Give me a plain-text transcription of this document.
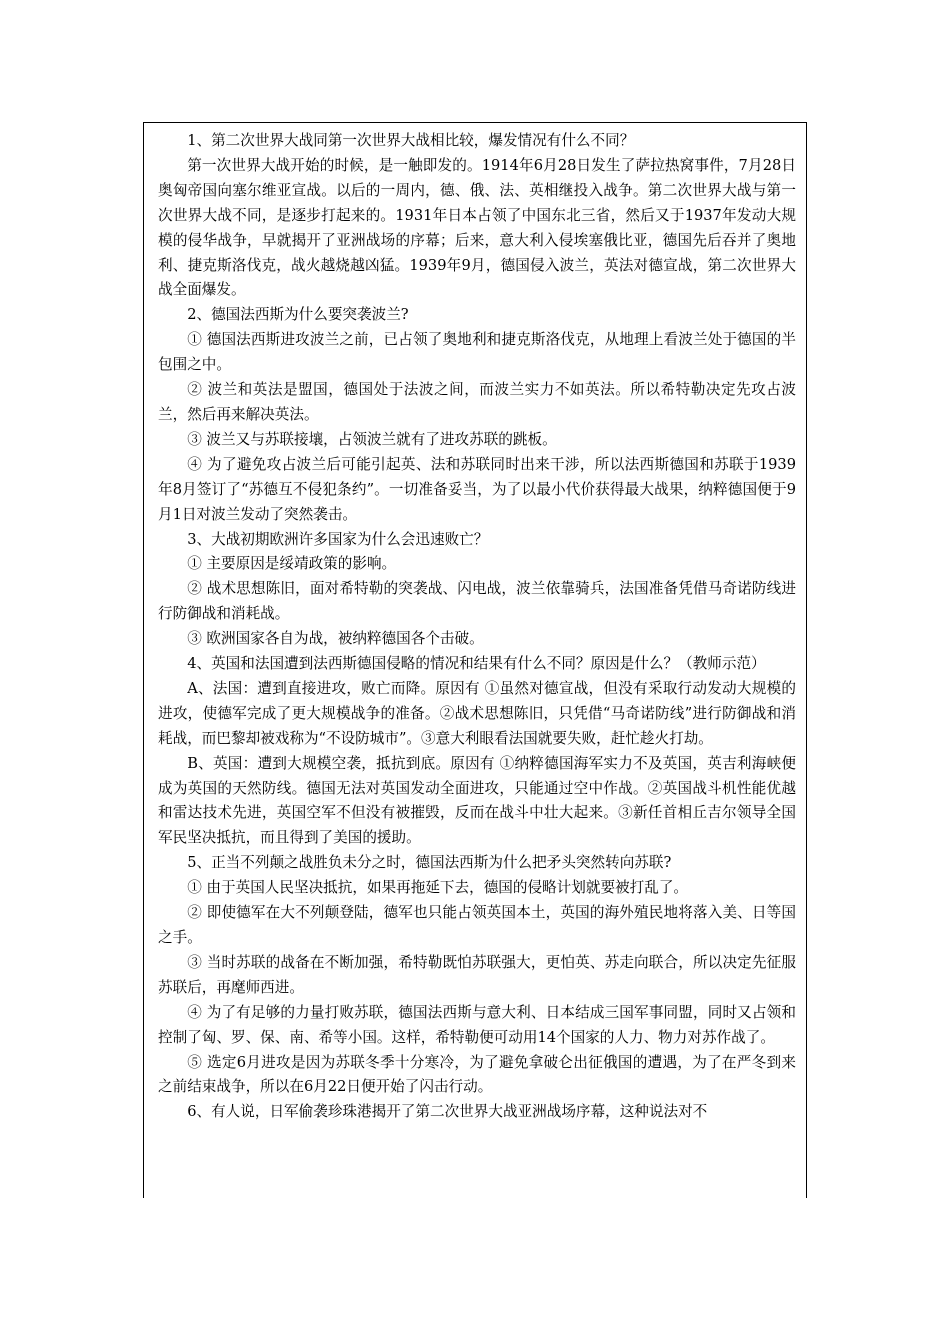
1、第二次世界大战同第一次世界大战相比较，爆发情况有什么不同？

第一次世界大战开始的时候，是一触即发的。1914年6月28日发生了萨拉热窝事件，7月28日奥匈帝国向塞尔维亚宣战。以后的一周内，德、俄、法、英相继投入战争。第二次世界大战与第一次世界大战不同，是逐步打起来的。1931年日本占领了中国东北三省，然后又于1937年发动大规模的侵华战争，早就揭开了亚洲战场的序幕；后来，意大利入侵埃塞俄比亚，德国先后吞并了奥地利、捷克斯洛伐克，战火越烧越凶猛。1939年9月，德国侵入波兰，英法对德宣战，第二次世界大战全面爆发。

2、德国法西斯为什么要突袭波兰?

① 德国法西斯进攻波兰之前，已占领了奥地利和捷克斯洛伐克，从地理上看波兰处于德国的半包围之中。

② 波兰和英法是盟国，德国处于法波之间，而波兰实力不如英法。所以希特勒决定先攻占波兰，然后再来解决英法。

③ 波兰又与苏联接壤，占领波兰就有了进攻苏联的跳板。

④ 为了避免攻占波兰后可能引起英、法和苏联同时出来干涉，所以法西斯德国和苏联于1939年8月签订了“苏德互不侵犯条约”。一切准备妥当，为了以最小代价获得最大战果，纳粹德国便于9月1日对波兰发动了突然袭击。

3、大战初期欧洲许多国家为什么会迅速败亡？

① 主要原因是绥靖政策的影响。

② 战术思想陈旧，面对希特勒的突袭战、闪电战，波兰依靠骑兵，法国准备凭借马奇诺防线进行防御战和消耗战。

③ 欧洲国家各自为战，被纳粹德国各个击破。

4、英国和法国遭到法西斯德国侵略的情况和结果有什么不同？原因是什么？（教师示范）

A、法国：遭到直接进攻，败亡而降。原因有 ①虽然对德宣战，但没有采取行动发动大规模的进攻，使德军完成了更大规模战争的准备。②战术思想陈旧，只凭借“马奇诺防线”进行防御战和消耗战，而巴黎却被戏称为“不设防城市”。③意大利眼看法国就要失败，赶忙趁火打劫。

B、英国：遭到大规模空袭，抵抗到底。原因有 ①纳粹德国海军实力不及英国，英吉利海峡便成为英国的天然防线。德国无法对英国发动全面进攻，只能通过空中作战。②英国战斗机性能优越和雷达技术先进，英国空军不但没有被摧毁，反而在战斗中壮大起来。③新任首相丘吉尔领导全国军民坚决抵抗，而且得到了美国的援助。

5、正当不列颠之战胜负未分之时，德国法西斯为什么把矛头突然转向苏联?

① 由于英国人民坚决抵抗，如果再拖延下去，德国的侵略计划就要被打乱了。

② 即使德军在大不列颠登陆，德军也只能占领英国本土，英国的海外殖民地将落入美、日等国之手。

③ 当时苏联的战备在不断加强，希特勒既怕苏联强大，更怕英、苏走向联合，所以决定先征服苏联后，再麾师西进。

④ 为了有足够的力量打败苏联，德国法西斯与意大利、日本结成三国军事同盟，同时又占领和控制了匈、罗、保、南、希等小国。这样，希特勒便可动用14个国家的人力、物力对苏作战了。

⑤ 选定6月进攻是因为苏联冬季十分寒冷，为了避免拿破仑出征俄国的遭遇，为了在严冬到来之前结束战争，所以在6月22日便开始了闪击行动。

6、有人说，日军偷袭珍珠港揭开了第二次世界大战亚洲战场序幕，这种说法对不
